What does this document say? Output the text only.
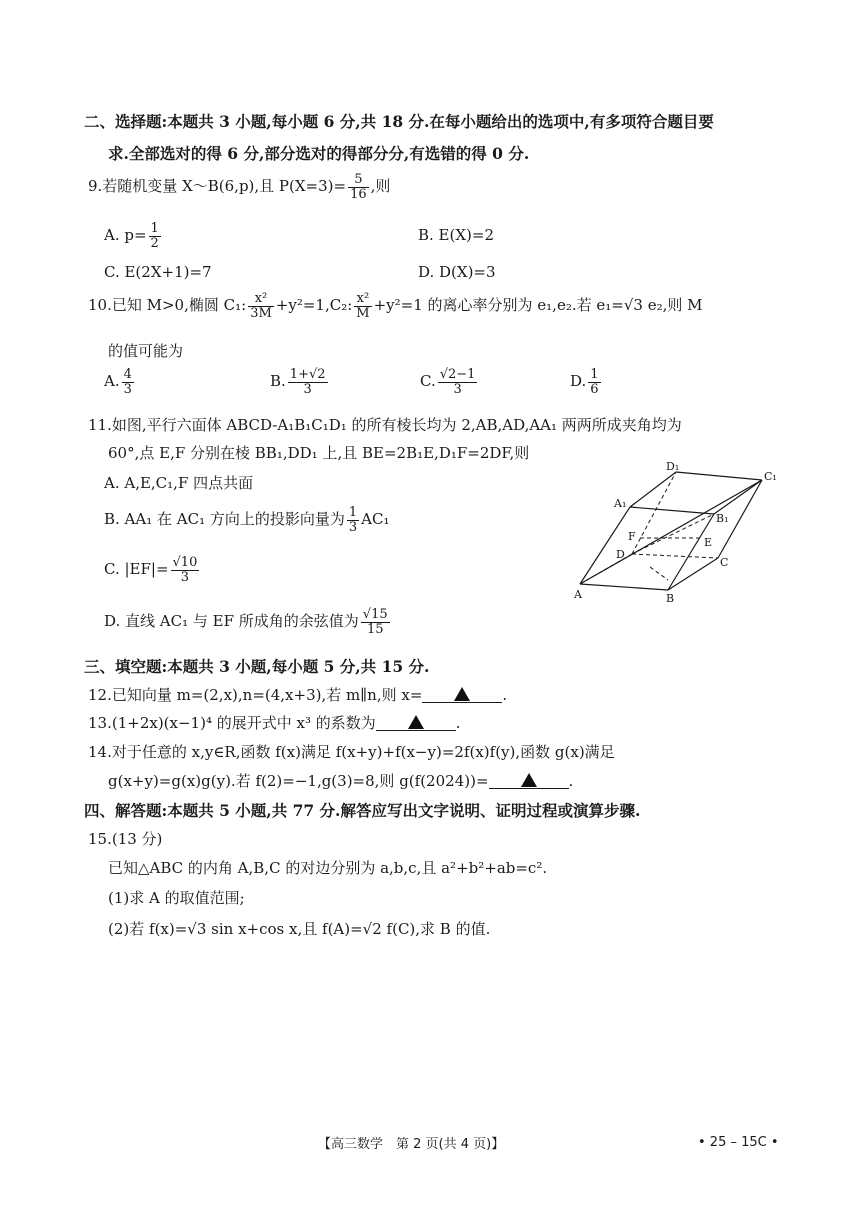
二、选择题:本题共 3 小题,每小题 6 分,共 18 分.在每小题给出的选项中,有多项符合题目要
求.全部选对的得 6 分,部分选对的得部分分,有选错的得 0 分.
9.若随机变量 X～B(6,p),且 $P(X=3)= \frac{5}{16}$ ,则
A. $p= \frac{1}{2}$	B. E(X)=2
C. E(2X+1)=7	D. D(X)=3
10.已知 M>0,椭圆 C₁: $\frac{\text{x²}}{3M} +y^2=1,C_2$: $\frac{\text{x²}}{M} +y^2=1$ 的离心率分别为 e₁,e₂.若 e₁=√3 e₂,则 M
的值可能为
A. $\frac{4}{3}$	B. $\frac{1+√2}{3}$	C. $\frac{√2-1}{3}$	D. $\frac{1}{6}$
11.如图,平行六面体 ABCD-A₁B₁C₁D₁ 的所有棱长均为 2,AB,AD,AA₁ 两两所成夹角均为
60°,点 E,F 分别在棱 BB₁,DD₁ 上,且 BE=2B₁E,D₁F=2DF,则
A. A,E,C₁,F 四点共面
B. AA₁ 在 AC₁ 方向上的投影向量为 $\frac{1}{3} AC_1$
C. $|EF|= \frac{√10}{3}$
D. 直线 AC₁ 与 EF 所成角的余弦值为 $\frac{√15}{15}$
D₁
C₁
A₁
B₁
F	E
D
C
A	B
三、填空题:本题共 3 小题,每小题 5 分,共 15 分.
12.已知向量 m=(2,x),n=(4,x+3),若 m∥n,则 x=	.
13.(1+2x)(x−1)⁴ 的展开式中 x³ 的系数为	.
14.对于任意的 x,y∈R,函数 f(x)满足 f(x+y)+f(x−y)=2f(x)f(y),函数 g(x)满足
g(x+y)=g(x)g(y).若 f(2)=−1,g(3)=8,则 g(f(2024))=	.
四、解答题:本题共 5 小题,共 77 分.解答应写出文字说明、证明过程或演算步骤.
15.(13 分)
已知△ABC 的内角 A,B,C 的对边分别为 a,b,c,且 a²+b²+ab=c².
(1)求 A 的取值范围;
(2)若 f(x)=√3 sin x+cos x,且 f(A)=√2 f(C),求 B 的值.
【高三数学　第 2 页(共 4 页)】	• 25 – 15C •
